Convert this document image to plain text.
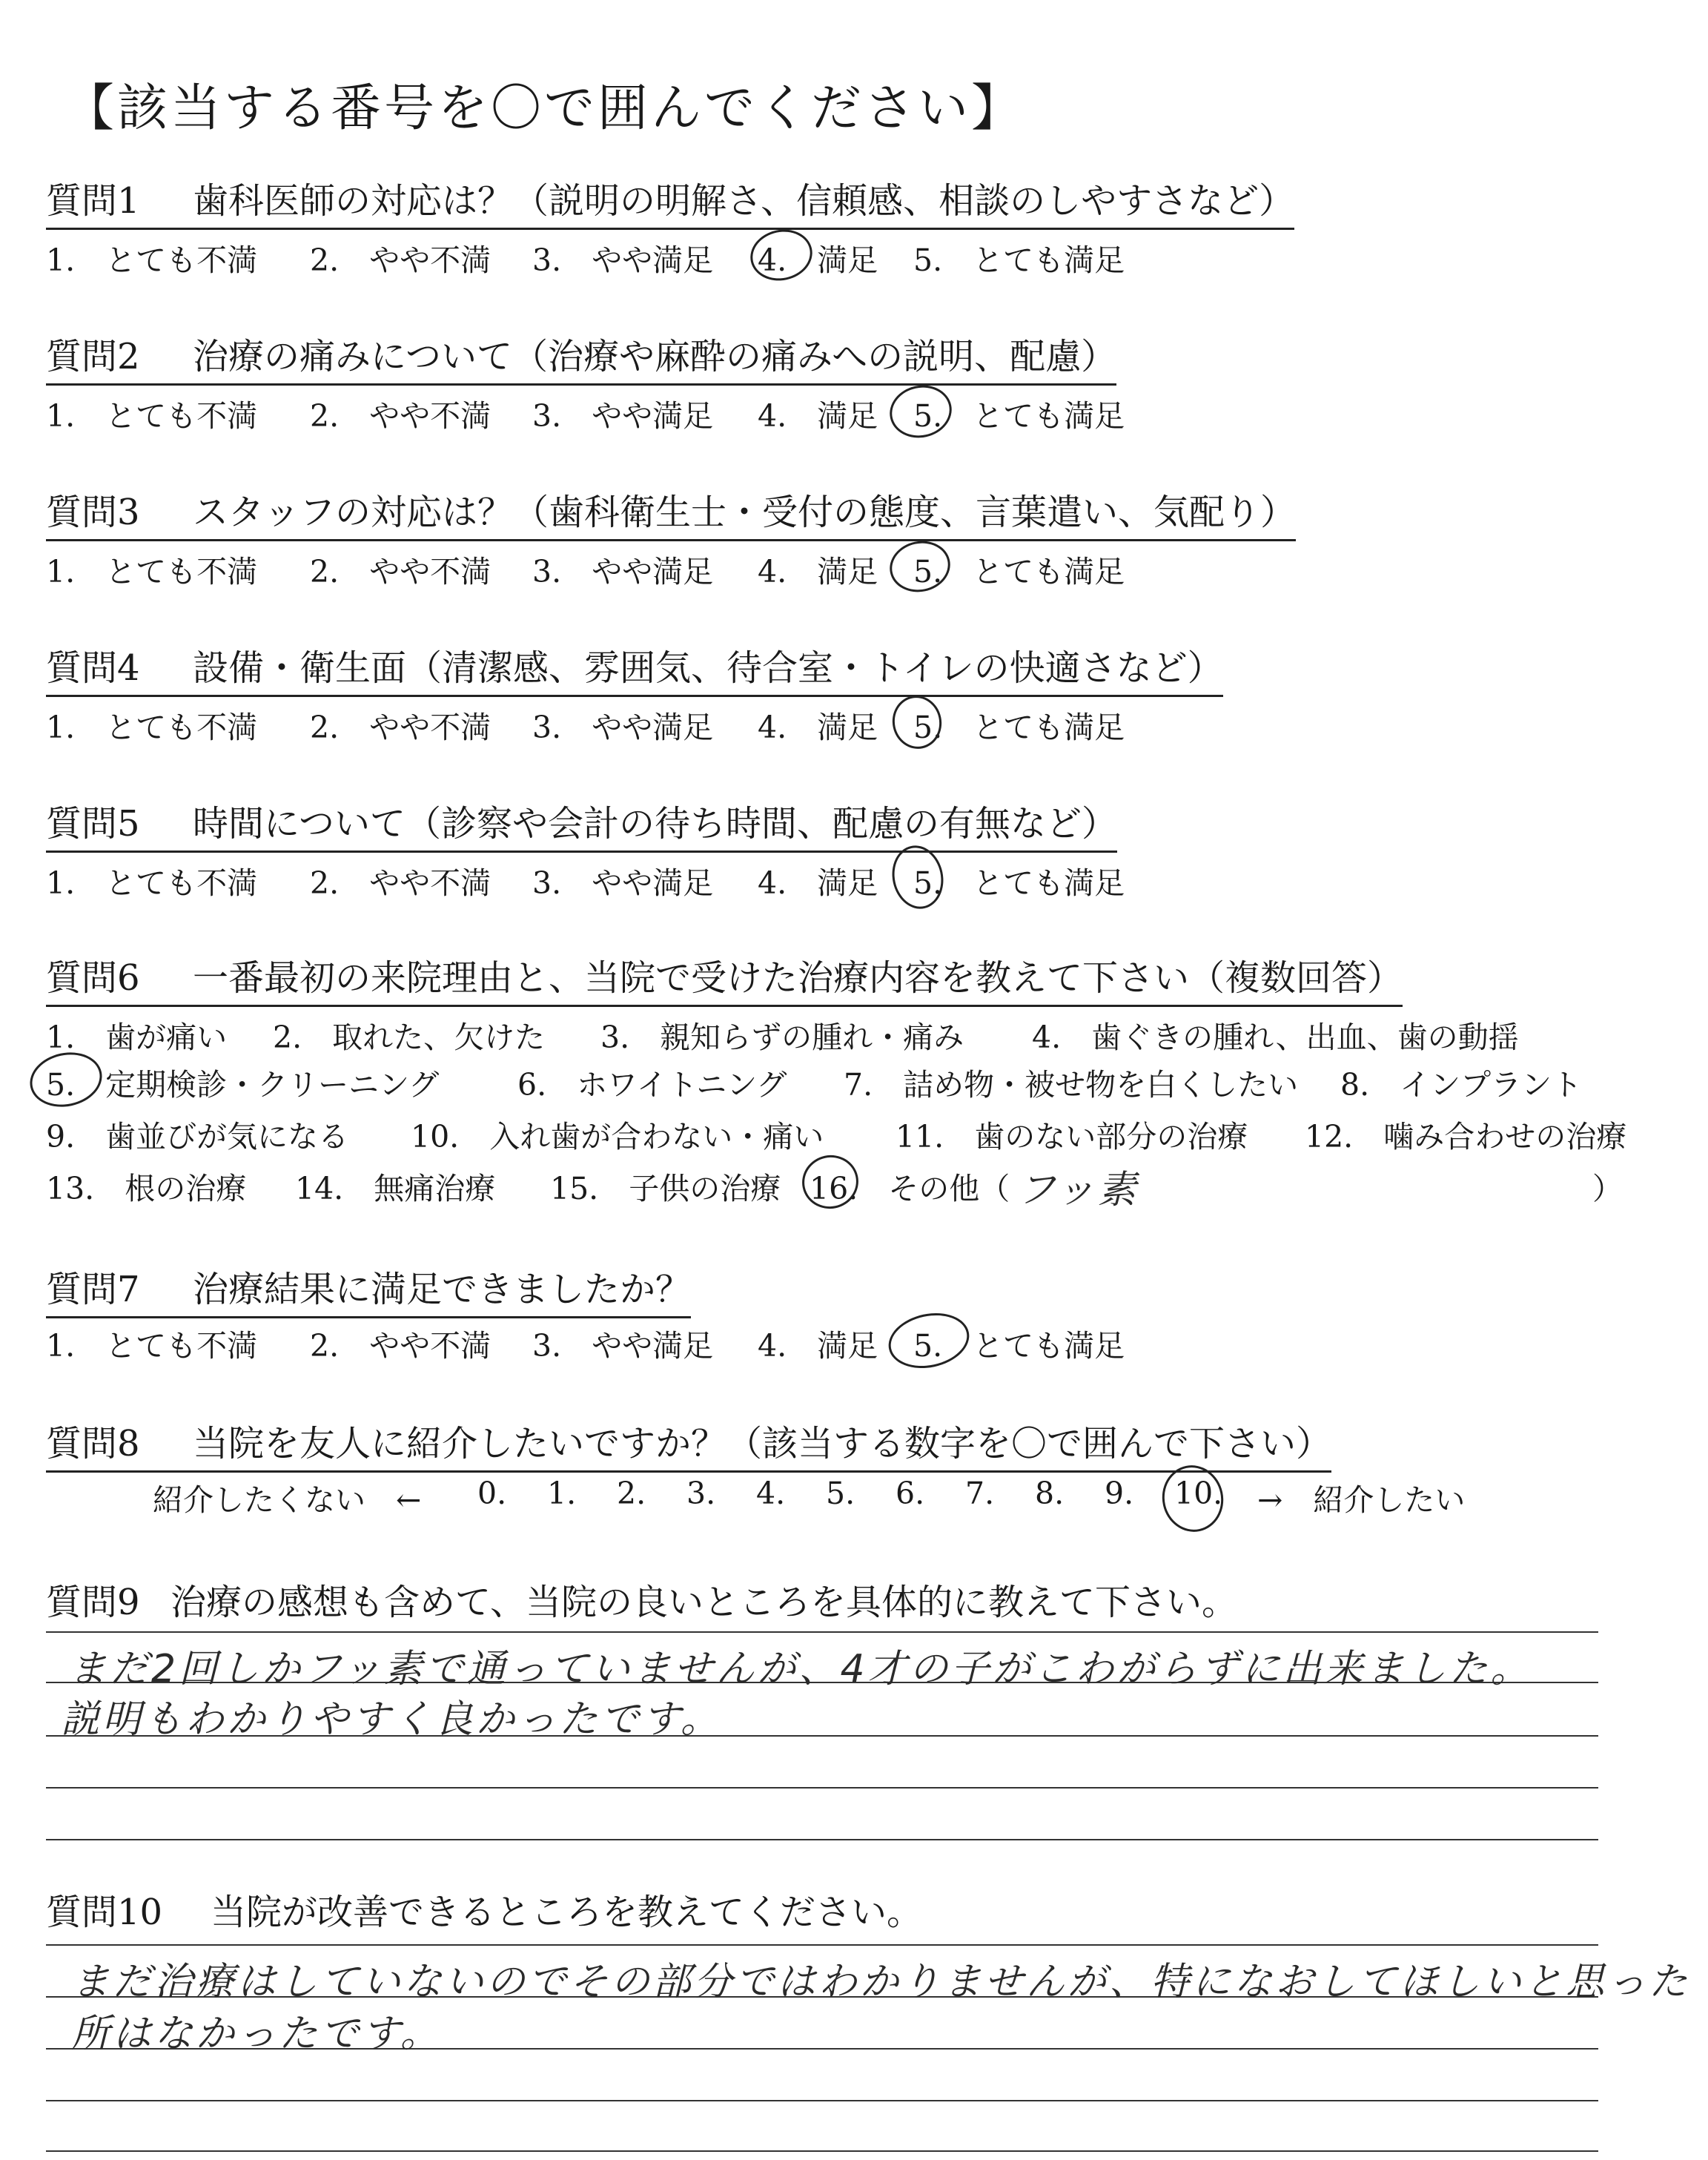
【該当する番号を〇で囲んでください】
質問1 歯科医師の対応は？（説明の明解さ、信頼感、相談のしやすさなど）
1.　とても不満 2.　やや不満 3.　やや満足 4.　満足 5.　とても満足
質問2 治療の痛みについて（治療や麻酔の痛みへの説明、配慮）
1.　とても不満 2.　やや不満 3.　やや満足 4.　満足 5.　とても満足
質問3 スタッフの対応は？（歯科衛生士・受付の態度、言葉遣い、気配り）
1.　とても不満 2.　やや不満 3.　やや満足 4.　満足 5.　とても満足
質問4 設備・衛生面（清潔感、雰囲気、待合室・トイレの快適さなど）
1.　とても不満 2.　やや不満 3.　やや満足 4.　満足 5.　とても満足
質問5 時間について（診察や会計の待ち時間、配慮の有無など）
1.　とても不満 2.　やや不満 3.　やや満足 4.　満足 5.　とても満足
質問6 一番最初の来院理由と、当院で受けた治療内容を教えて下さい（複数回答）
1.　歯が痛い 2.　取れた、欠けた 3.　親知らずの腫れ・痛み 4.　歯ぐきの腫れ、出血、歯の動揺
5.　定期検診・クリーニング	6.　ホワイトニング 7.　詰め物・被せ物を白くしたい 8.　インプラント
9.　歯並びが気になる 10.　入れ歯が合わない・痛い 11.　歯のない部分の治療 12.　噛み合わせの治療
13.　根の治療 14.　無痛治療 15.　子供の治療 16.　その他（	）
フッ素
質問7 治療結果に満足できましたか？
1.　とても不満 2.　やや不満 3.　やや満足 4.　満足 5.　とても満足
質問8 当院を友人に紹介したいですか？（該当する数字を〇で囲んで下さい）
紹介したくない　← 0. 1. 2. 3. 4. 5. 6. 7. 8. 9. 10. →　紹介したい
質問9 治療の感想も含めて、当院の良いところを具体的に教えて下さい。
まだ2回しかフッ素で通っていませんが、4才の子がこわがらずに出来ました。
説明もわかりやすく良かったです。
質問10 当院が改善できるところを教えてください。
まだ治療はしていないのでその部分ではわかりませんが、特になおしてほしいと思った
所はなかったです。
